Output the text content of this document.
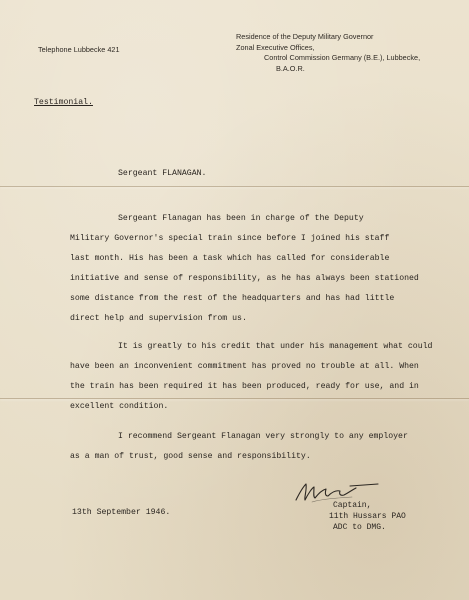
Telephone Lubbecke 421
Residence of the Deputy Military Governor
Zonal Executive Offices,
Control Commission Germany (B.E.), Lubbecke,
B.A.O.R.
Testimonial.
Sergeant FLANAGAN.
Sergeant Flanagan has been in charge of the Deputy
Military Governor's special train since before I joined his staff
last month. His has been a task which has called for considerable
initiative and sense of responsibility, as he has always been stationed
some distance from the rest of the headquarters and has had little
direct help and supervision from us.
It is greatly to his credit that under his management what could
have been an inconvenient commitment has proved no trouble at all. When
the train has been required it has been produced, ready for use, and in
excellent condition.
I recommend Sergeant Flanagan very strongly to any employer
as a man of trust, good sense and responsibility.
13th September 1946.
Captain,
11th Hussars PAO
ADC to DMG.
